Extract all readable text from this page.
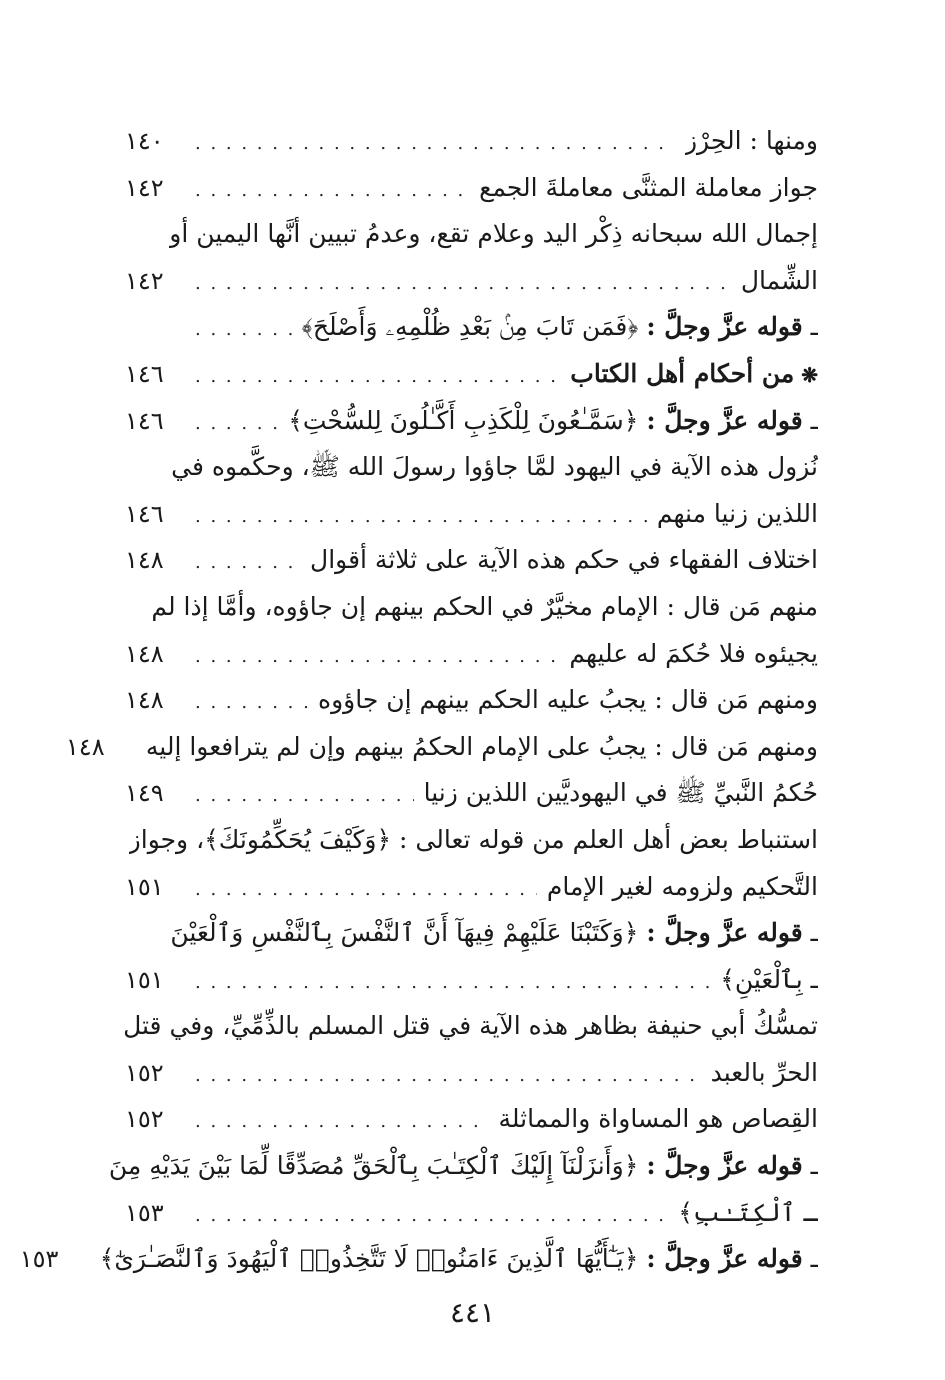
ومنها : الحِرْز
. . .
١٤٠
جواز معاملة المثنَّى معاملةَ الجمع
. . .
١٤٢
إجمال الله سبحانه ذِكْر اليد وعلام تقع، وعدمُ تبيين أنَّها اليمين أو
الشِّمال
. . .
١٤٢
ـ قوله عزَّ وجلَّ : ﴿فَمَن تَابَ مِنۢ بَعْدِ ظُلْمِهِۦ وَأَصْلَحَ﴾
. . .
❋ من أحكام أهل الكتاب
. . .
١٤٦
ـ قوله عزَّ وجلَّ : ﴿سَمَّـٰعُونَ لِلْكَذِبِ أَكَّـٰلُونَ لِلسُّحْتِ﴾
. . .
١٤٦
نُزول هذه الآية في اليهود لمَّا جاؤوا رسولَ الله ﷺ، وحكَّموه في
اللذين زنيا منهم
. . .
١٤٦
اختلاف الفقهاء في حكم هذه الآية على ثلاثة أقوال
. . .
١٤٨
منهم مَن قال : الإمام مخيَّرٌ في الحكم بينهم إن جاؤوه، وأمَّا إذا لم
يجيئوه فلا حُكمَ له عليهم
. . .
١٤٨
ومنهم مَن قال : يجبُ عليه الحكم بينهم إن جاؤوه
. . .
١٤٨
ومنهم مَن قال : يجبُ على الإمام الحكمُ بينهم وإن لم يترافعوا إليه
١٤٨
حُكمُ النَّبيِّ ﷺ في اليهوديَّين اللذين زنيا
. . .
١٤٩
استنباط بعض أهل العلم من قوله تعالى : ﴿وَكَيْفَ يُحَكِّمُونَكَ﴾، وجواز
التَّحكيم ولزومه لغير الإمام
. . .
١٥١
ـ قوله عزَّ وجلَّ : ﴿وَكَتَبْنَا عَلَيْهِمْ فِيهَآ أَنَّ ٱلنَّفْسَ بِٱلنَّفْسِ وَٱلْعَيْنَ
ـ بِٱلْعَيْنِ﴾
. . .
١٥١
تمسُّكُ أبي حنيفة بظاهر هذه الآية في قتل المسلم بالذِّمِّيِّ، وفي قتل
الحرِّ بالعبد
. . .
١٥٢
القِصاص هو المساواة والمماثلة
. . .
١٥٢
ـ قوله عزَّ وجلَّ : ﴿وَأَنزَلْنَآ إِلَيْكَ ٱلْكِتَـٰبَ بِٱلْحَقِّ مُصَدِّقًا لِّمَا بَيْنَ يَدَيْهِ مِنَ
ـ ٱلْكِتَـٰبِ﴾
. . .
١٥٣
ـ قوله عزَّ وجلَّ : ﴿يَـٰٓأَيُّهَا ٱلَّذِينَ ءَامَنُوا۟ لَا تَتَّخِذُوا۟ ٱلْيَهُودَ وَٱلنَّصَـٰرَىٰٓ﴾
١٥٣
٤٤١
